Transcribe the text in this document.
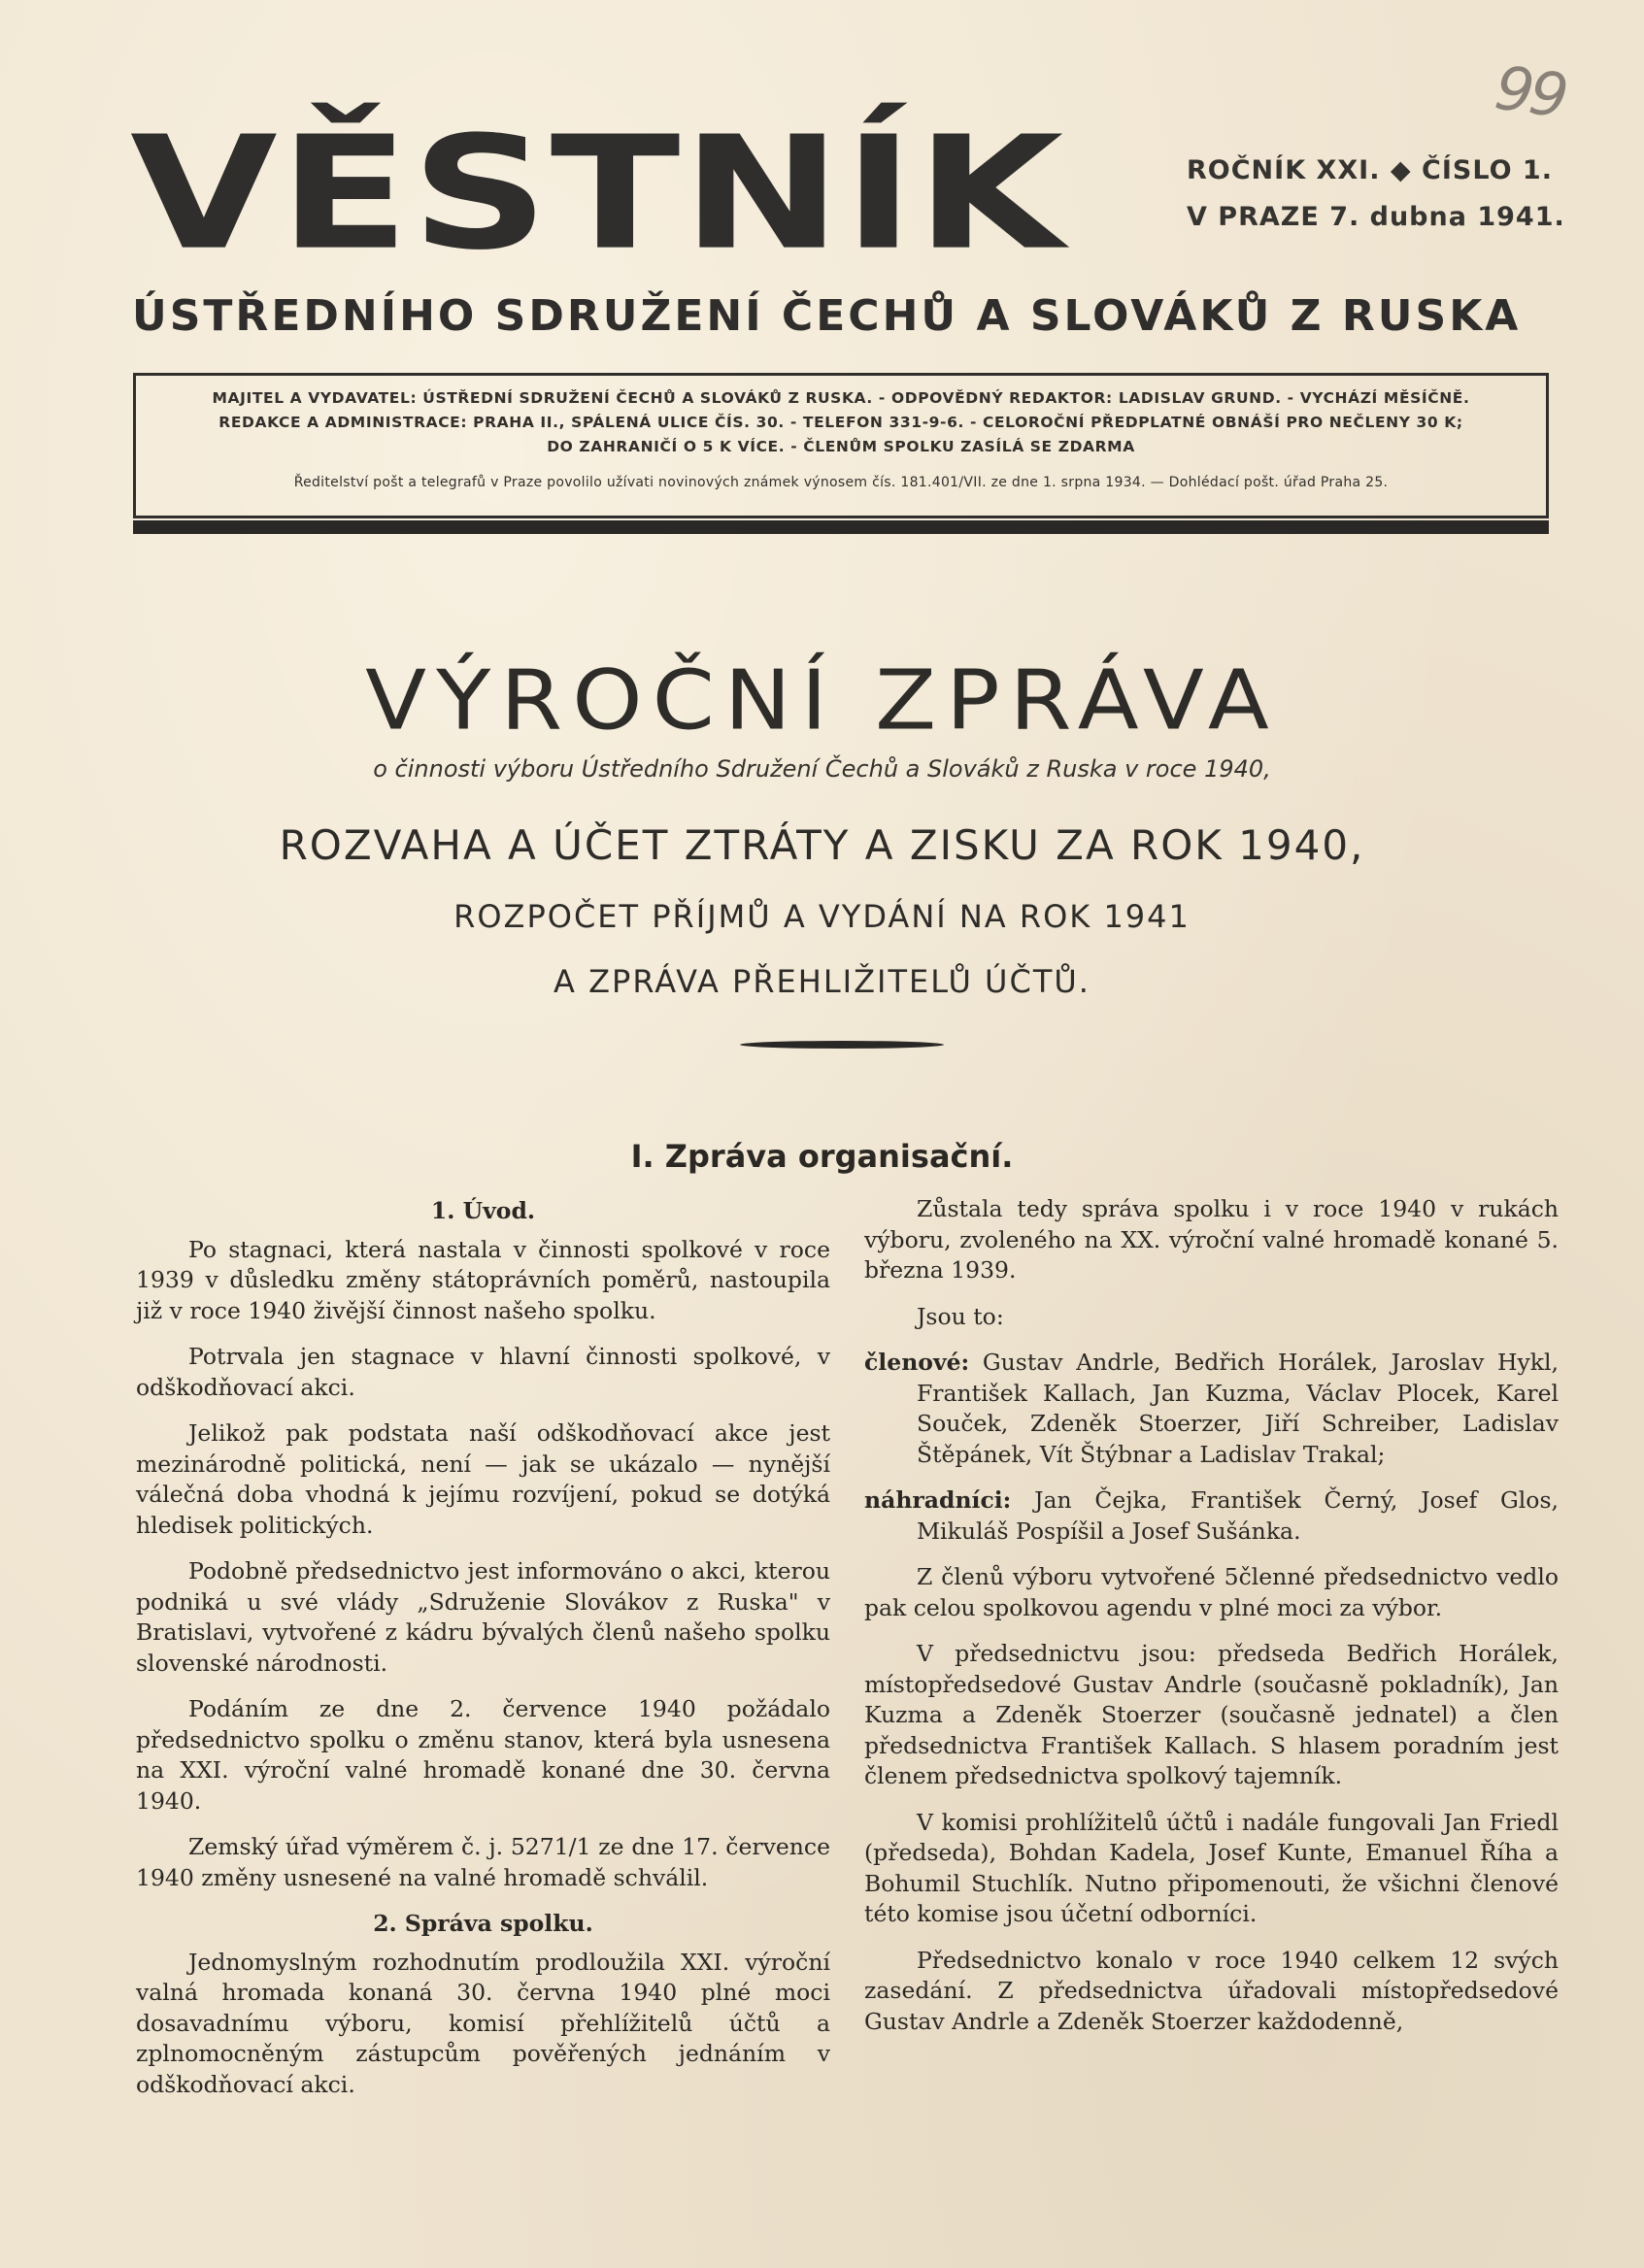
99
VĚSTNÍK	ROČNÍK XXI. ◆ ČÍSLO 1.
V PRAZE 7. dubna 1941.
ÚSTŘEDNÍHO SDRUŽENÍ ČECHŮ A SLOVÁKŮ Z RUSKA
MAJITEL A VYDAVATEL: ÚSTŘEDNÍ SDRUŽENÍ ČECHŮ A SLOVÁKŮ Z RUSKA. - ODPOVĚDNÝ REDAKTOR: LADISLAV GRUND. - VYCHÁZÍ MĚSÍČNĚ.
REDAKCE A ADMINISTRACE: PRAHA II., SPÁLENÁ ULICE ČÍS. 30. - TELEFON 331-9-6. - CELOROČNÍ PŘEDPLATNÉ OBNÁŠÍ PRO NEČLENY 30 K;
DO ZAHRANIČÍ O 5 K VÍCE. - ČLENŮM SPOLKU ZASÍLÁ SE ZDARMA
Ředitelství pošt a telegrafů v Praze povolilo užívati novinových známek výnosem čís. 181.401/VII. ze dne 1. srpna 1934. — Dohlédací pošt. úřad Praha 25.
VÝROČNÍ ZPRÁVA
o činnosti výboru Ústředního Sdružení Čechů a Slováků z Ruska v roce 1940,
ROZVAHA A ÚČET ZTRÁTY A ZISKU ZA ROK 1940,
ROZPOČET PŘÍJMŮ A VYDÁNÍ NA ROK 1941
A ZPRÁVA PŘEHLIŽITELŮ ÚČTŮ.
I. Zpráva organisační.
1. Úvod.

Po stagnaci, která nastala v činnosti spolkové v roce 1939 v důsledku změny státoprávních poměrů, nastoupila již v roce 1940 živější činnost našeho spolku.

Potrvala jen stagnace v hlavní činnosti spolkové, v odškodňovací akci.

Jelikož pak podstata naší odškodňovací akce jest mezinárodně politická, není — jak se ukázalo — nynější válečná doba vhodná k jejímu rozvíjení, pokud se dotýká hledisek politických.

Podobně předsednictvo jest informováno o akci, kterou podniká u své vlády „Sdruženie Slovákov z Ruska" v Bratislavi, vytvořené z kádru bývalých členů našeho spolku slovenské národnosti.

Podáním ze dne 2. července 1940 požádalo předsednictvo spolku o změnu stanov, která byla usnesena na XXI. výroční valné hromadě konané dne 30. června 1940.

Zemský úřad výměrem č. j. 5271/1 ze dne 17. července 1940 změny usnesené na valné hromadě schválil.

2. Správa spolku.

Jednomyslným rozhodnutím prodloužila XXI. výroční valná hromada konaná 30. června 1940 plné moci dosavadnímu výboru, komisí přehlížitelů účtů a zplnomocněným zástupcům pověřených jednáním v odškodňovací akci.

Zůstala tedy správa spolku i v roce 1940 v rukách výboru, zvoleného na XX. výroční valné hromadě konané 5. března 1939.

Jsou to:

členové: Gustav Andrle, Bedřich Horálek, Jaroslav Hykl, František Kallach, Jan Kuzma, Václav Plocek, Karel Souček, Zdeněk Stoerzer, Jiří Schreiber, Ladislav Štěpánek, Vít Štýbnar a Ladislav Trakal;

náhradníci: Jan Čejka, František Černý, Josef Glos, Mikuláš Pospíšil a Josef Sušánka.

Z členů výboru vytvořené 5členné předsednictvo vedlo pak celou spolkovou agendu v plné moci za výbor.

V předsednictvu jsou: předseda Bedřich Horálek, místopředsedové Gustav Andrle (současně pokladník), Jan Kuzma a Zdeněk Stoerzer (současně jednatel) a člen předsednictva František Kallach. S hlasem poradním jest členem předsednictva spolkový tajemník.

V komisi prohlížitelů účtů i nadále fungovali Jan Friedl (předseda), Bohdan Kadela, Josef Kunte, Emanuel Říha a Bohumil Stuchlík. Nutno připomenouti, že všichni členové této komise jsou účetní odborníci.

Předsednictvo konalo v roce 1940 celkem 12 svých zasedání. Z předsednictva úřadovali místopředsedové Gustav Andrle a Zdeněk Stoerzer každodenně,
